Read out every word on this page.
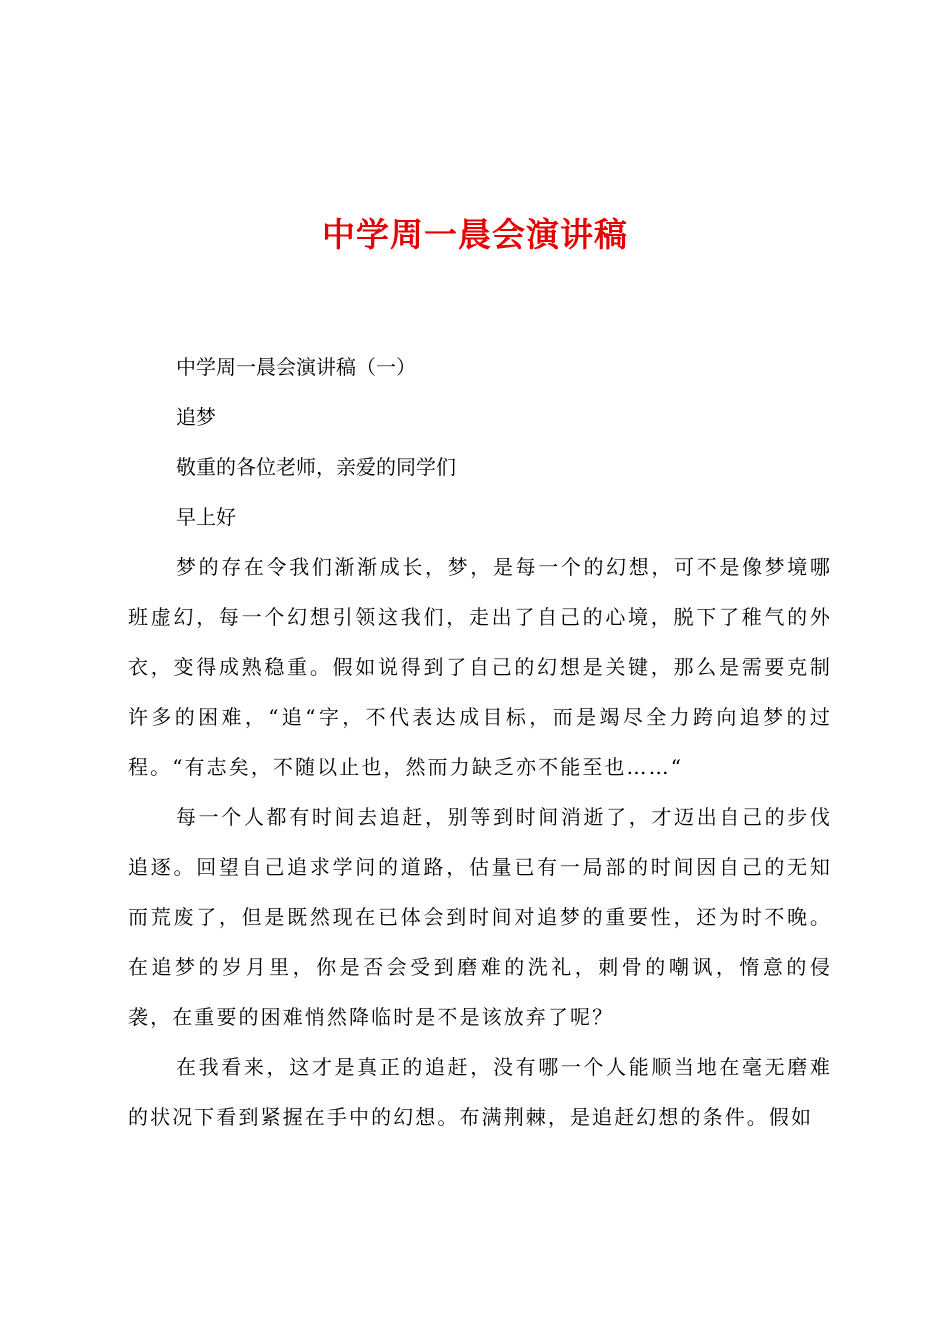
中学周一晨会演讲稿

中学周一晨会演讲稿（一）

追梦

敬重的各位老师，亲爱的同学们

早上好

梦的存在令我们渐渐成长，梦，是每一个的幻想，可不是像梦境哪班虚幻，每一个幻想引领这我们，走出了自己的心境，脱下了稚气的外衣，变得成熟稳重。假如说得到了自己的幻想是关键，那么是需要克制许多的困难，“追“字，不代表达成目标，而是竭尽全力跨向追梦的过程。“有志矣，不随以止也，然而力缺乏亦不能至也……“

每一个人都有时间去追赶，别等到时间消逝了，才迈出自己的步伐追逐。回望自己追求学问的道路，估量已有一局部的时间因自己的无知而荒废了，但是既然现在已体会到时间对追梦的重要性，还为时不晚。在追梦的岁月里，你是否会受到磨难的洗礼，刺骨的嘲讽，惰意的侵袭，在重要的困难悄然降临时是不是该放弃了呢？

在我看来，这才是真正的追赶，没有哪一个人能顺当地在毫无磨难的状况下看到紧握在手中的幻想。布满荆棘，是追赶幻想的条件。假如
